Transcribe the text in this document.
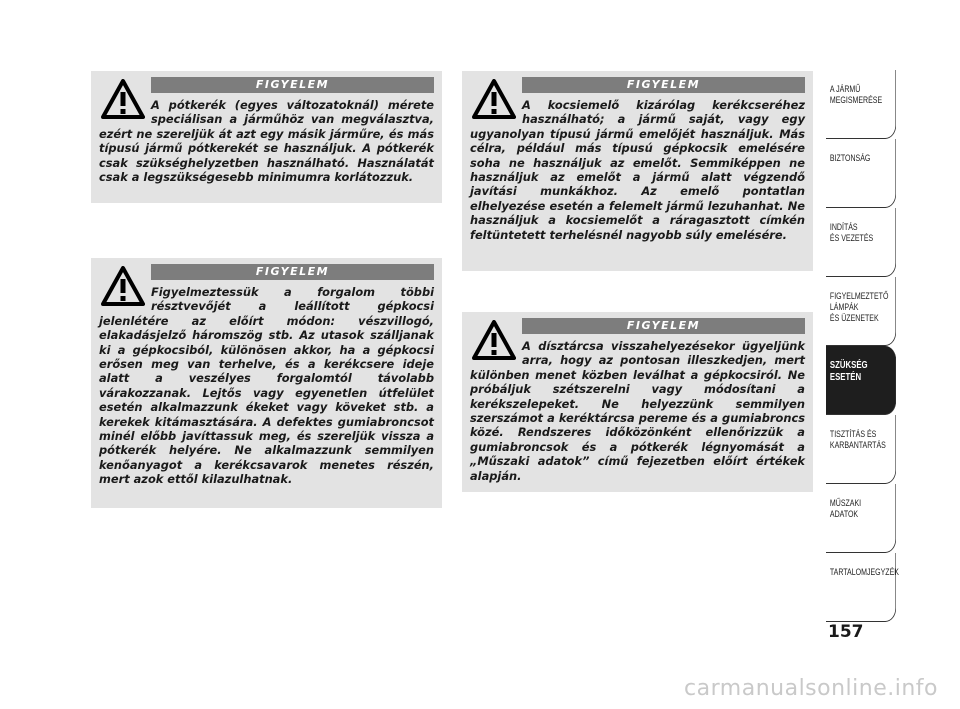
FIGYELEM
A pótkerék (egyes változatoknál) mérete speciálisan a járműhöz van megválasztva, ezért ne szereljük át azt egy másik járműre, és más típusú jármű pótkerekét se használjuk. A pótkerék csak szükséghelyzetben használható. Használatát csak a legszükségesebb minimumra korlátozzuk.
FIGYELEM
Figyelmeztessük a forgalom többi résztvevőjét a leállított gépkocsi jelenlétére az előírt módon: vészvillogó, elakadásjelző háromszög stb. Az utasok szálljanak ki a gépkocsiból, különösen akkor, ha a gépkocsi erősen meg van terhelve, és a kerékcsere ideje alatt a veszélyes forgalomtól távolabb várakozzanak. Lejtős vagy egyenetlen útfelület esetén alkalmazzunk ékeket vagy köveket stb. a kerekek kitámasztására. A defektes gumiabroncsot minél előbb javíttassuk meg, és szereljük vissza a pótkerék helyére. Ne alkalmazzunk semmilyen kenőanyagot a kerékcsavarok menetes részén, mert azok ettől kilazulhatnak.
FIGYELEM
A kocsiemelő kizárólag kerékcseréhez használható; a jármű saját, vagy egy ugyanolyan típusú jármű emelőjét használjuk. Más célra, például más típusú gépkocsik emelésére soha ne használjuk az emelőt. Semmiképpen ne használjuk az emelőt a jármű alatt végzendő javítási munkákhoz. Az emelő pontatlan elhelyezése esetén a felemelt jármű lezuhanhat. Ne használjuk a kocsiemelőt a ráragasztott címkén feltüntetett terhelésnél nagyobb súly emelésére.
FIGYELEM
A dísztárcsa visszahelyezésekor ügyeljünk arra, hogy az pontosan illeszkedjen, mert különben menet közben leválhat a gépkocsiról. Ne próbáljuk szétszerelni vagy módosítani a kerékszelepeket. Ne helyezzünk semmilyen szerszámot a keréktárcsa pereme és a gumiabroncs közé. Rendszeres időközönként ellenőrizzük a gumiabroncsok és a pótkerék légnyomását a „Műszaki adatok” című fejezetben előírt értékek alapján.
A JÁRMŰ
MEGISMERÉSE
BIZTONSÁG
INDÍTÁS
ÉS VEZETÉS
FIGYELMEZTETŐ
LÁMPÁK
ÉS ÜZENETEK
SZÜKSÉG
ESETÉN
TISZTÍTÁS ÉS
KARBANTARTÁS
MŰSZAKI
ADATOK
TARTALOMJEGYZÉK
157
carmanualsonline.info
